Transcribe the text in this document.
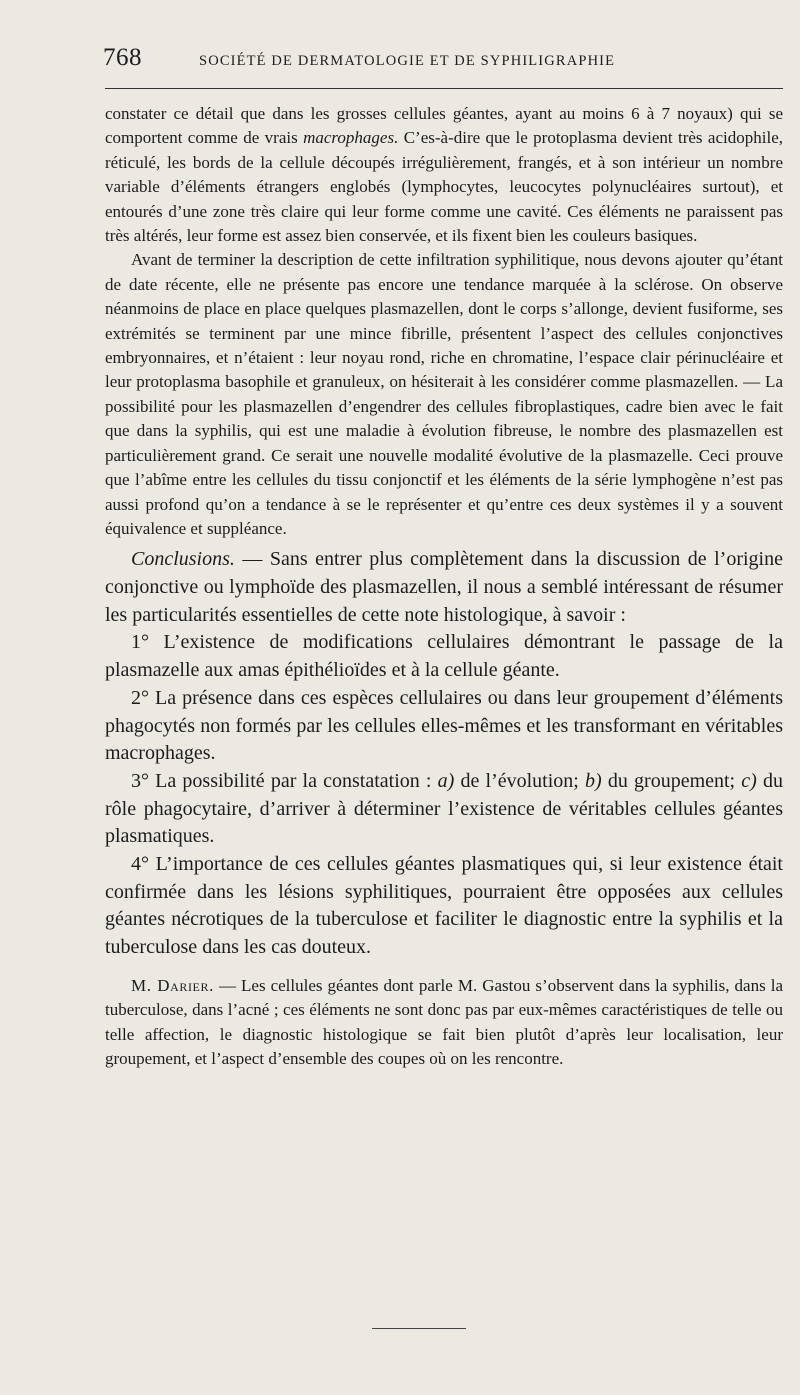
768	SOCIÉTÉ DE DERMATOLOGIE ET DE SYPHILIGRAPHIE

constater ce détail que dans les grosses cellules géantes, ayant au moins 6 à 7 noyaux) qui se comportent comme de vrais macrophages. C’es-à-dire que le protoplasma devient très acidophile, réticulé, les bords de la cellule découpés irrégulièrement, frangés, et à son intérieur un nombre variable d’éléments étrangers englobés (lymphocytes, leucocytes polynucléaires surtout), et entourés d’une zone très claire qui leur forme comme une cavité. Ces éléments ne paraissent pas très altérés, leur forme est assez bien conservée, et ils fixent bien les couleurs basiques.

Avant de terminer la description de cette infiltration syphilitique, nous devons ajouter qu’étant de date récente, elle ne présente pas encore une tendance marquée à la sclérose. On observe néanmoins de place en place quelques plasmazellen, dont le corps s’allonge, devient fusiforme, ses extrémités se terminent par une mince fibrille, présentent l’aspect des cellules conjonctives embryonnaires, et n’étaient : leur noyau rond, riche en chromatine, l’espace clair périnucléaire et leur protoplasma basophile et granuleux, on hésiterait à les considérer comme plasmazellen. — La possibilité pour les plasmazellen d’engendrer des cellules fibroplastiques, cadre bien avec le fait que dans la syphilis, qui est une maladie à évolution fibreuse, le nombre des plasmazellen est particulièrement grand. Ce serait une nouvelle modalité évolutive de la plasmazelle. Ceci prouve que l’abîme entre les cellules du tissu conjonctif et les éléments de la série lymphogène n’est pas aussi profond qu’on a tendance à se le représenter et qu’entre ces deux systèmes il y a souvent équivalence et suppléance.

Conclusions. — Sans entrer plus complètement dans la discussion de l’origine conjonctive ou lymphoïde des plasmazellen, il nous a semblé intéressant de résumer les particularités essentielles de cette note histologique, à savoir :

1° L’existence de modifications cellulaires démontrant le passage de la plasmazelle aux amas épithélioïdes et à la cellule géante.

2° La présence dans ces espèces cellulaires ou dans leur groupement d’éléments phagocytés non formés par les cellules elles-mêmes et les transformant en véritables macrophages.

3° La possibilité par la constatation : a) de l’évolution; b) du groupement; c) du rôle phagocytaire, d’arriver à déterminer l’existence de véritables cellules géantes plasmatiques.

4° L’importance de ces cellules géantes plasmatiques qui, si leur existence était confirmée dans les lésions syphilitiques, pourraient être opposées aux cellules géantes nécrotiques de la tuberculose et faciliter le diagnostic entre la syphilis et la tuberculose dans les cas douteux.

M. Darier. — Les cellules géantes dont parle M. Gastou s’observent dans la syphilis, dans la tuberculose, dans l’acné ; ces éléments ne sont donc pas par eux-mêmes caractéristiques de telle ou telle affection, le diagnostic histologique se fait bien plutôt d’après leur localisation, leur groupement, et l’aspect d’ensemble des coupes où on les rencontre.
